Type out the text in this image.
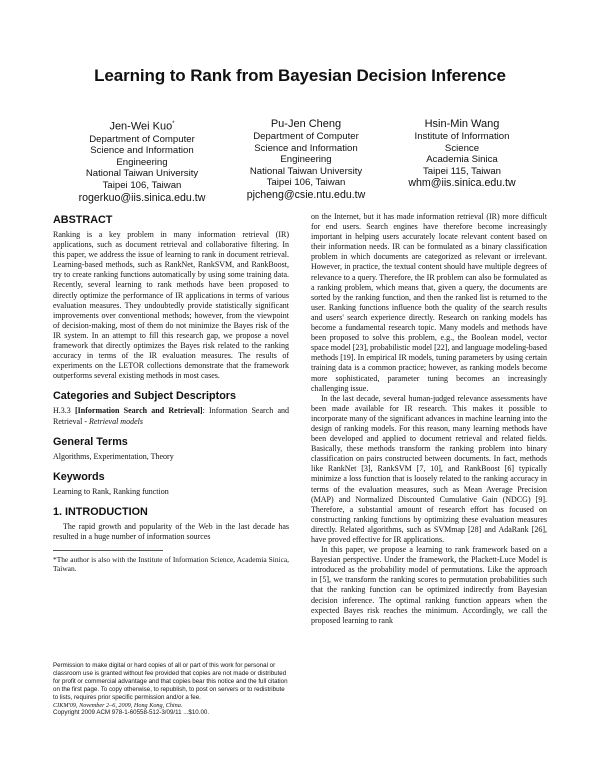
Learning to Rank from Bayesian Decision Inference
Jen-Wei Kuo*
Department of Computer
Science and Information
Engineering
National Taiwan University
Taipei 106, Taiwan
rogerkuo@iis.sinica.edu.tw
Pu-Jen Cheng
Department of Computer
Science and Information
Engineering
National Taiwan University
Taipei 106, Taiwan
pjcheng@csie.ntu.edu.tw
Hsin-Min Wang
Institute of Information
Science
Academia Sinica
Taipei 115, Taiwan
whm@iis.sinica.edu.tw
ABSTRACT

Ranking is a key problem in many information retrieval (IR) applications, such as document retrieval and collaborative filtering. In this paper, we address the issue of learning to rank in document retrieval. Learning-based methods, such as RankNet, RankSVM, and RankBoost, try to create ranking functions automatically by using some training data. Recently, several learning to rank methods have been proposed to directly optimize the performance of IR applications in terms of various evaluation measures. They undoubtedly provide statistically significant improvements over conventional methods; however, from the viewpoint of decision-making, most of them do not minimize the Bayes risk of the IR system. In an attempt to fill this research gap, we propose a novel framework that directly optimizes the Bayes risk related to the ranking accuracy in terms of the IR evaluation measures. The results of experiments on the LETOR collections demonstrate that the framework outperforms several existing methods in most cases.

Categories and Subject Descriptors

H.3.3 [Information Search and Retrieval]: Information Search and Retrieval - Retrieval models

General Terms

Algorithms, Experimentation, Theory

Keywords

Learning to Rank, Ranking function

1. INTRODUCTION

The rapid growth and popularity of the Web in the last decade has resulted in a huge number of information sources

*The author is also with the Institute of Information Science, Academia Sinica, Taiwan.

Permission to make digital or hard copies of all or part of this work for personal or classroom use is granted without fee provided that copies are not made or distributed for profit or commercial advantage and that copies bear this notice and the full citation on the first page. To copy otherwise, to republish, to post on servers or to redistribute to lists, requires prior specific permission and/or a fee.

CIKM'09, November 2–6, 2009, Hong Kong, China.

Copyright 2009 ACM 978-1-60558-512-3/09/11 ...$10.00.

on the Internet, but it has made information retrieval (IR) more difficult for end users. Search engines have therefore become increasingly important in helping users accurately locate relevant content based on their information needs. IR can be formulated as a binary classification problem in which documents are categorized as relevant or irrelevant. However, in practice, the textual content should have multiple degrees of relevance to a query. Therefore, the IR problem can also be formulated as a ranking problem, which means that, given a query, the documents are sorted by the ranking function, and then the ranked list is returned to the user. Ranking functions influence both the quality of the search results and users' search experience directly. Research on ranking models has become a fundamental research topic. Many models and methods have been proposed to solve this problem, e.g., the Boolean model, vector space model [23], probabilistic model [22], and language modeling-based methods [19]. In empirical IR models, tuning parameters by using certain training data is a common practice; however, as ranking models become more sophisticated, parameter tuning becomes an increasingly challenging issue.

In the last decade, several human-judged relevance assessments have been made available for IR research. This makes it possible to incorporate many of the significant advances in machine learning into the design of ranking models. For this reason, many learning methods have been developed and applied to document retrieval and related fields. Basically, these methods transform the ranking problem into binary classification on pairs constructed between documents. In fact, methods like RankNet [3], RankSVM [7, 10], and RankBoost [6] typically minimize a loss function that is loosely related to the ranking accuracy in terms of the evaluation measures, such as Mean Average Precision (MAP) and Normalized Discounted Cumulative Gain (NDCG) [9]. Therefore, a substantial amount of research effort has focused on constructing ranking functions by optimizing these evaluation measures directly. Related algorithms, such as SVMmap [28] and AdaRank [26], have proved effective for IR applications.

In this paper, we propose a learning to rank framework based on a Bayesian perspective. Under the framework, the Plackett-Luce Model is introduced as the probability model of permutations. Like the approach in [5], we transform the ranking scores to permutation probabilities such that the ranking function can be optimized indirectly from Bayesian decision inference. The optimal ranking function appears when the expected Bayes risk reaches the minimum. Accordingly, we call the proposed learning to rank
